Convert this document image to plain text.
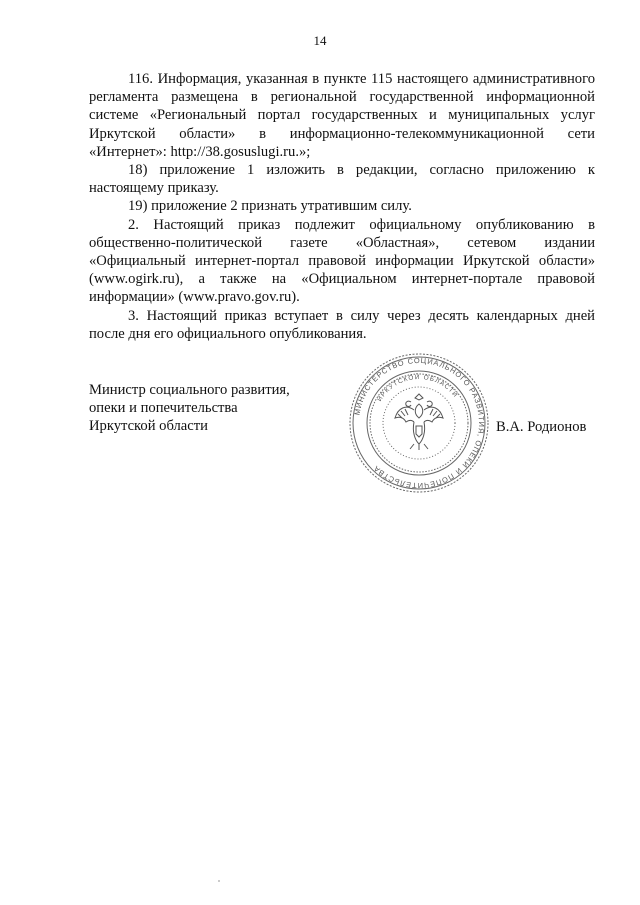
14

116. Информация, указанная в пункте 115 настоящего административного регламента размещена в региональной государственной информационной системе «Региональный портал государственных и муниципальных услуг Иркутской области» в информационно-телекоммуникационной сети «Интернет»: http://38.gosuslugi.ru.»;

18) приложение 1 изложить в редакции, согласно приложению к настоящему приказу.

19) приложение 2 признать утратившим силу.

2. Настоящий приказ подлежит официальному опубликованию в общественно-политической газете «Областная», сетевом издании «Официальный интернет-портал правовой информации Иркутской области» (www.ogirk.ru), а также на «Официальном интернет-портале правовой информации» (www.pravo.gov.ru).

3. Настоящий приказ вступает в силу через десять календарных дней после дня его официального опубликования.

Министр социального развития,
опеки и попечительства
Иркутской области
МИНИСТЕРСТВО СОЦИАЛЬНОГО РАЗВИТИЯ, ОПЕКИ И ПОПЕЧИТЕЛЬСТВА
ИРКУТСКОЙ ОБЛАСТИ
В.А. Родионов
